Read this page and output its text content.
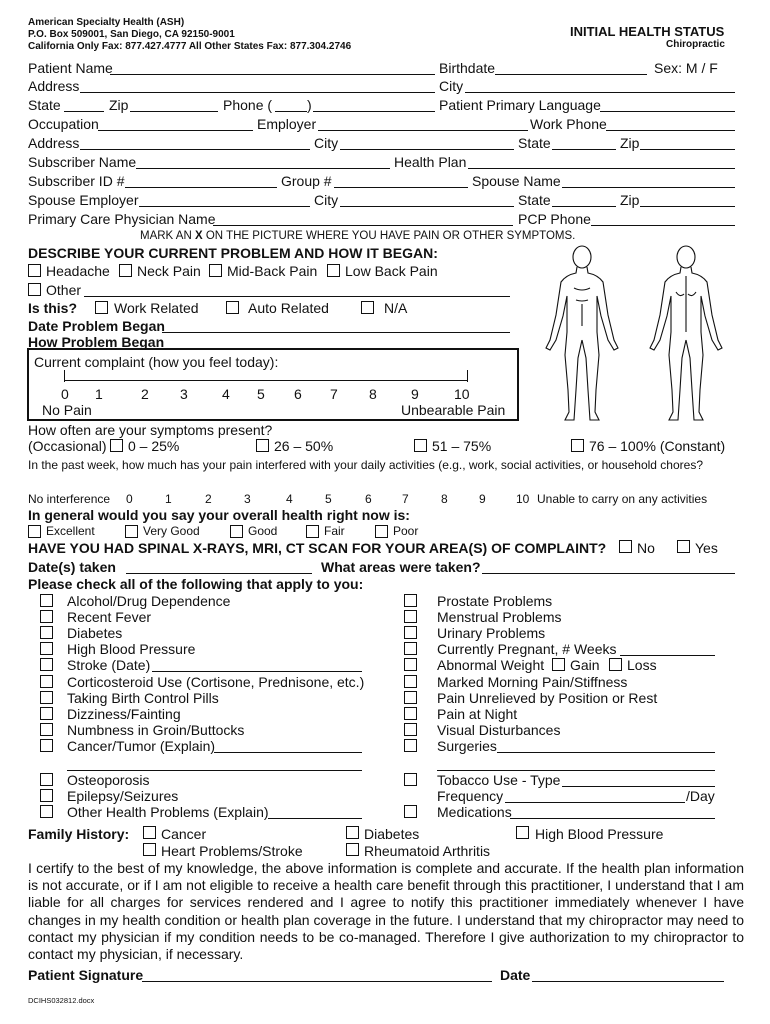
American Specialty Health (ASH)
P.O. Box 509001, San Diego, CA 92150-9001
California Only Fax: 877.427.4777 All Other States Fax: 877.304.2746
INITIAL HEALTH STATUS
Chiropractic
Patient Name	Birthdate	Sex: M / F
Address	City
State	Zip	Phone ( )	Patient Primary Language
Occupation	Employer	Work Phone
Address	City	State	Zip
Subscriber Name	Health Plan
Subscriber ID #	Group #	Spouse Name
Spouse Employer	City	State	Zip
Primary Care Physician Name	PCP Phone
MARK AN X ON THE PICTURE WHERE YOU HAVE PAIN OR OTHER SYMPTOMS.
DESCRIBE YOUR CURRENT PROBLEM AND HOW IT BEGAN:
Headache Neck Pain Mid-Back Pain Low Back Pain
Other
Is this?	Work Related	Auto Related	N/A
Date Problem Began
How Problem Began
Current complaint (how you feel today):
0 1	2 3 4 5 6 7 8 9	10
No Pain	Unbearable Pain
How often are your symptoms present?
(Occasional) 0 – 25%	26 – 50%	51 – 75%	76 – 100% (Constant)
In the past week, how much has your pain interfered with your daily activities (e.g., work, social activities, or household chores?
No interference 0	1	2	3	4	5	6	7	8	9	10 Unable to carry on any activities
In general would you say your overall health right now is:
Excellent	Very Good	Good	Fair	Poor
HAVE YOU HAD SPINAL X-RAYS, MRI, CT SCAN FOR YOUR AREA(S) OF COMPLAINT? No	Yes
Date(s) taken	What areas were taken?
Please check all of the following that apply to you:
Alcohol/Drug Dependence
Recent Fever
Diabetes
High Blood Pressure
Stroke (Date)
Corticosteroid Use (Cortisone, Prednisone, etc.)
Taking Birth Control Pills
Dizziness/Fainting
Numbness in Groin/Buttocks
Cancer/Tumor (Explain)
Prostate Problems
Menstrual Problems
Urinary Problems
Currently Pregnant, # Weeks
Abnormal Weight Gain Loss
Marked Morning Pain/Stiffness
Pain Unrelieved by Position or Rest
Pain at Night
Visual Disturbances
Surgeries
Osteoporosis
Epilepsy/Seizures
Other Health Problems (Explain)
Tobacco Use - Type
Frequency	/Day
Medications
Family History: Cancer	Diabetes	High Blood Pressure
Heart Problems/Stroke	Rheumatoid Arthritis
I certify to the best of my knowledge, the above information is complete and accurate. If the health plan information is not accurate, or if I am not eligible to receive a health care benefit through this practitioner, I understand that I am liable for all charges for services rendered and I agree to notify this practitioner immediately whenever I have changes in my health condition or health plan coverage in the future. I understand that my chiropractor may need to contact my physician if my condition needs to be co-managed. Therefore I give authorization to my chiropractor to contact my physician, if necessary.
Patient Signature	Date
DCIHS032812.docx
